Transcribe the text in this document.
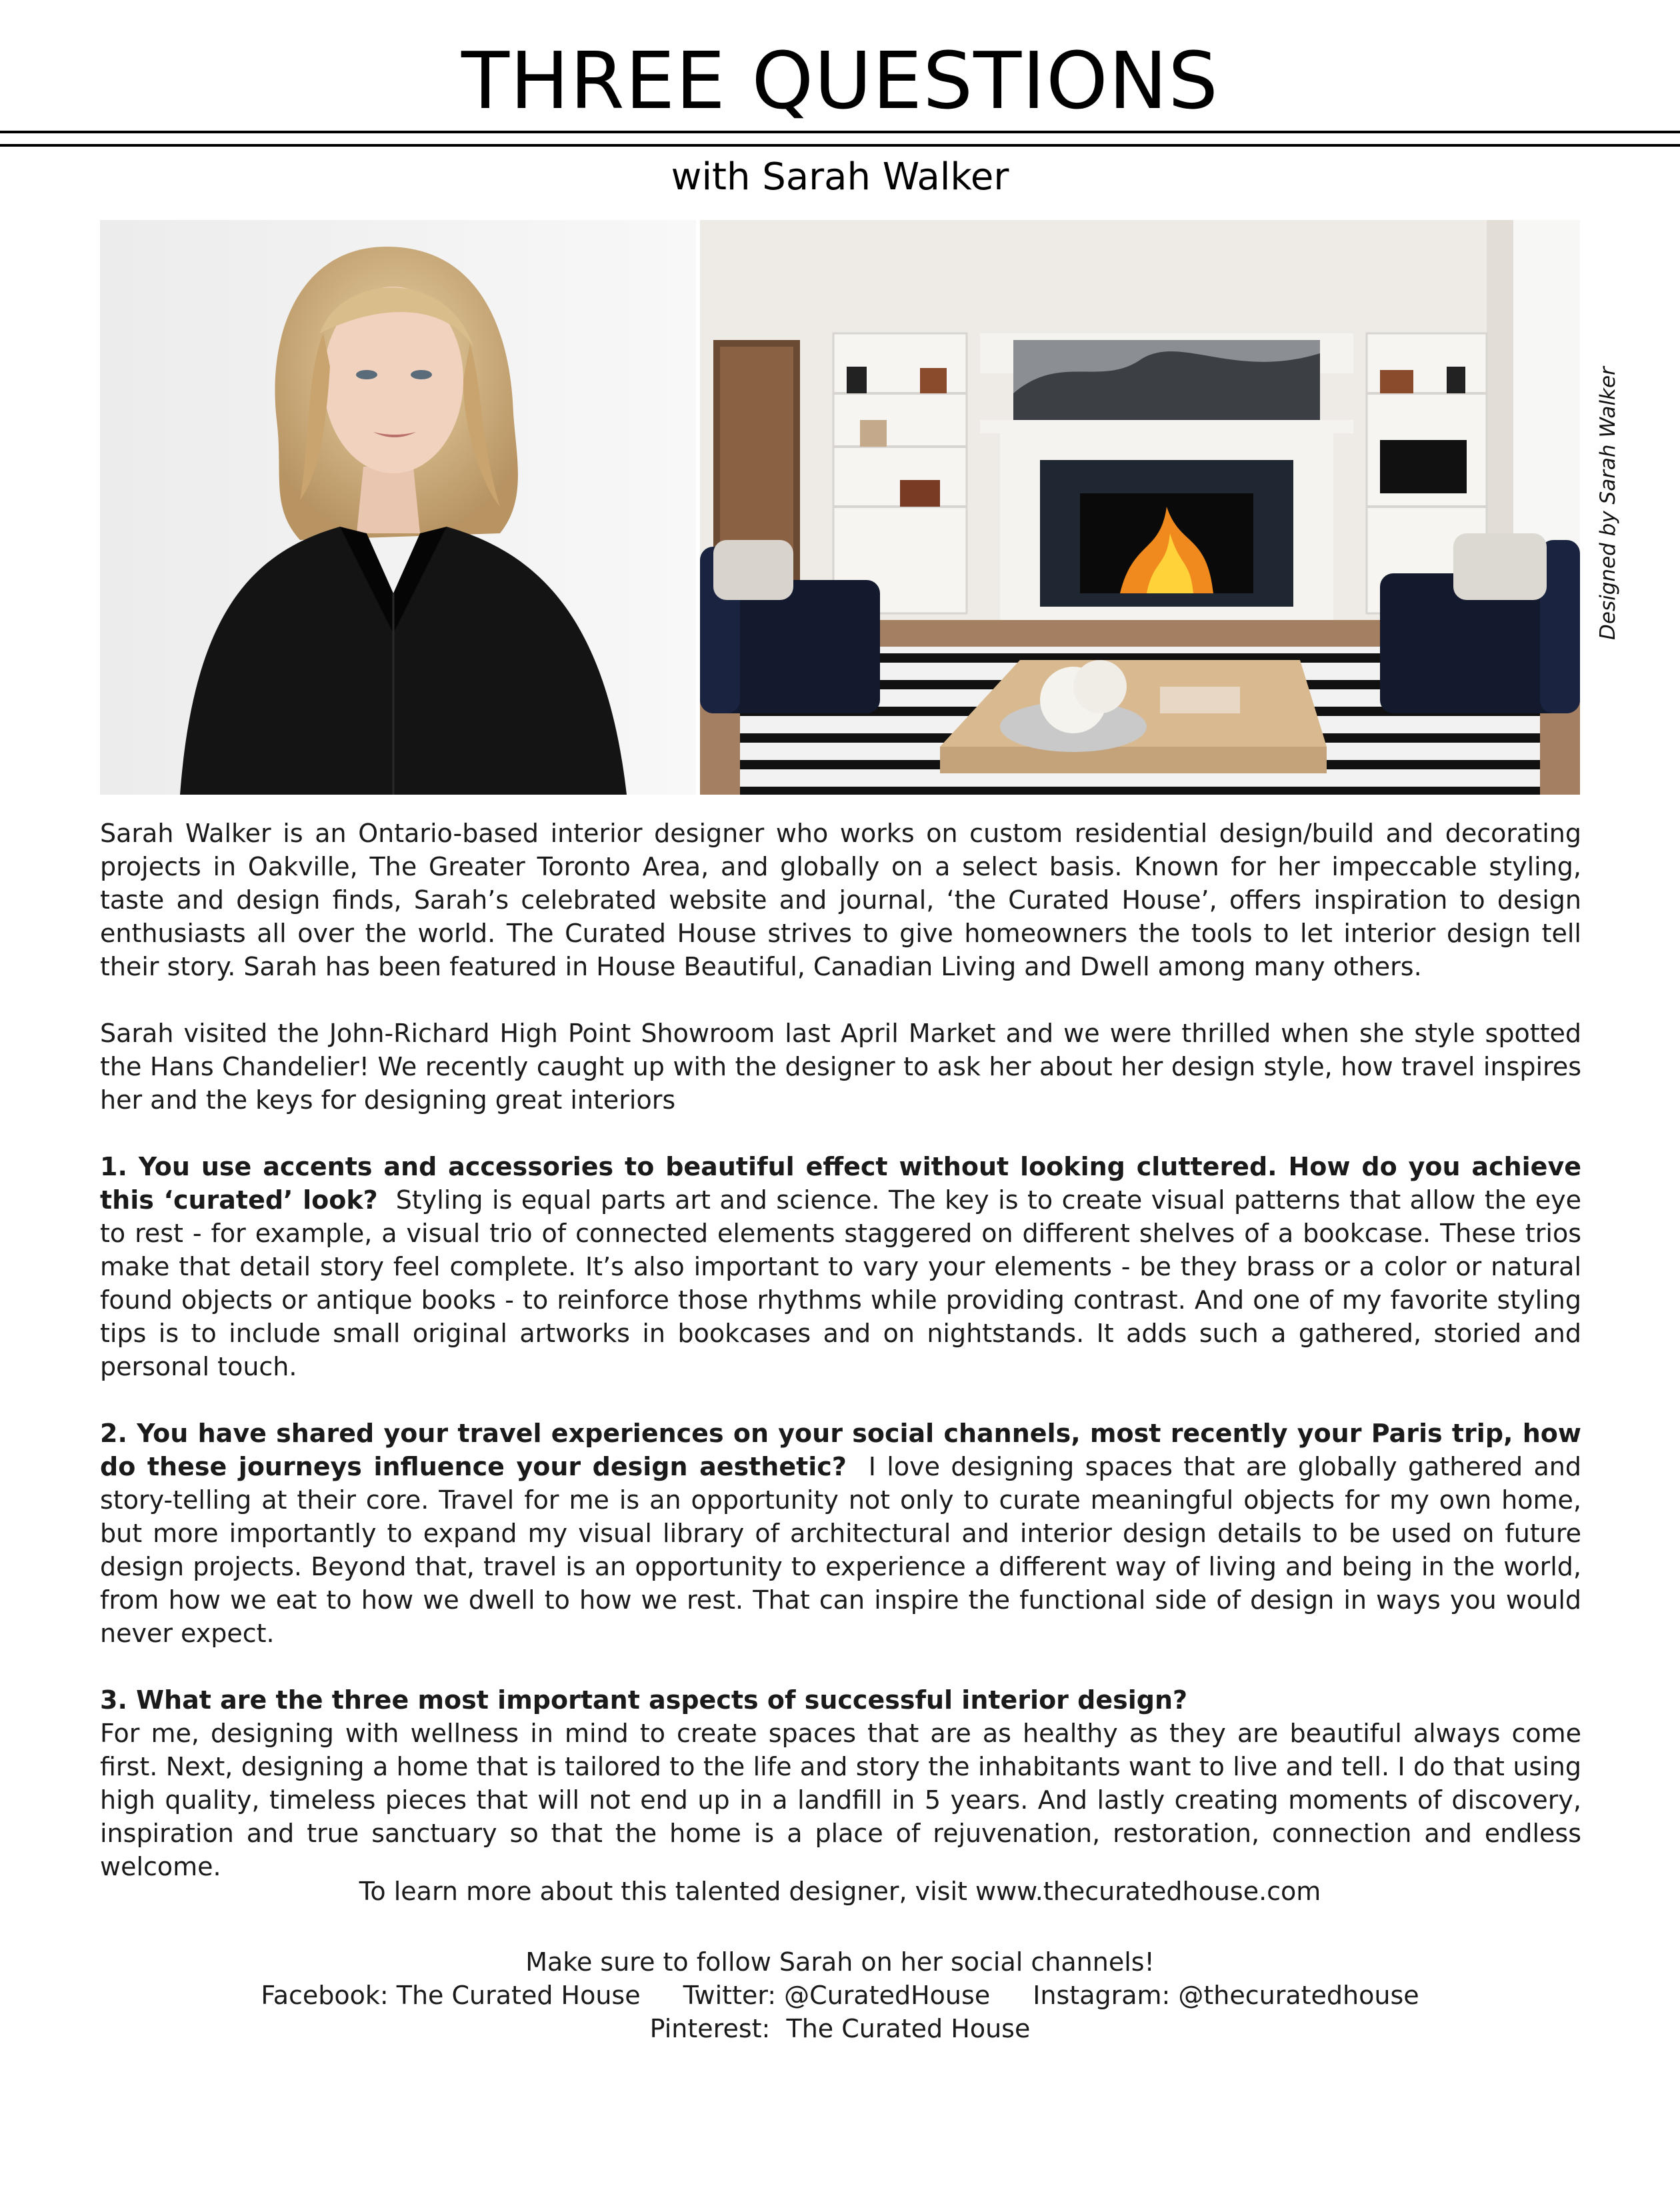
THREE QUESTIONS
with Sarah Walker
Designed by Sarah Walker

Sarah Walker is an Ontario-based interior designer who works on custom residential design/build and decorating projects in Oakville, The Greater Toronto Area, and globally on a select basis. Known for her impeccable styling, taste and design finds, Sarah’s celebrated website and journal, ‘the Curated House’, offers inspiration to design enthusiasts all over the world. The Curated House strives to give homeowners the tools to let interior design tell their story. Sarah has been featured in House Beautiful, Canadian Living and Dwell among many others.

Sarah visited the John-Richard High Point Showroom last April Market and we were thrilled when she style spotted the Hans Chandelier! We recently caught up with the designer to ask her about her design style, how travel inspires her and the keys for designing great interiors

1. You use accents and accessories to beautiful effect without looking cluttered. How do you achieve this ‘curated’ look? Styling is equal parts art and science. The key is to create visual patterns that allow the eye to rest - for example, a visual trio of connected elements staggered on different shelves of a bookcase. These trios make that detail story feel complete. It’s also important to vary your elements - be they brass or a color or natural found objects or antique books - to reinforce those rhythms while providing contrast. And one of my favorite styling tips is to include small original artworks in bookcases and on nightstands. It adds such a gathered, storied and personal touch.

2. You have shared your travel experiences on your social channels, most recently your Paris trip, how do these journeys influence your design aesthetic? I love designing spaces that are globally gathered and story-telling at their core. Travel for me is an opportunity not only to curate meaningful objects for my own home, but more importantly to expand my visual library of architectural and interior design details to be used on future design projects. Beyond that, travel is an opportunity to experience a different way of living and being in the world, from how we eat to how we dwell to how we rest. That can inspire the functional side of design in ways you would never expect.

3. What are the three most important aspects of successful interior design?
For me, designing with wellness in mind to create spaces that are as healthy as they are beautiful always come first. Next, designing a home that is tailored to the life and story the inhabitants want to live and tell. I do that using high quality, timeless pieces that will not end up in a landfill in 5 years. And lastly creating moments of discovery, inspiration and true sanctuary so that the home is a place of rejuvenation, restoration, connection and endless welcome.

To learn more about this talented designer, visit www.thecuratedhouse.com
Make sure to follow Sarah on her social channels!
Facebook: The Curated House Twitter: @CuratedHouse Instagram: @thecuratedhouse
Pinterest:  The Curated House
